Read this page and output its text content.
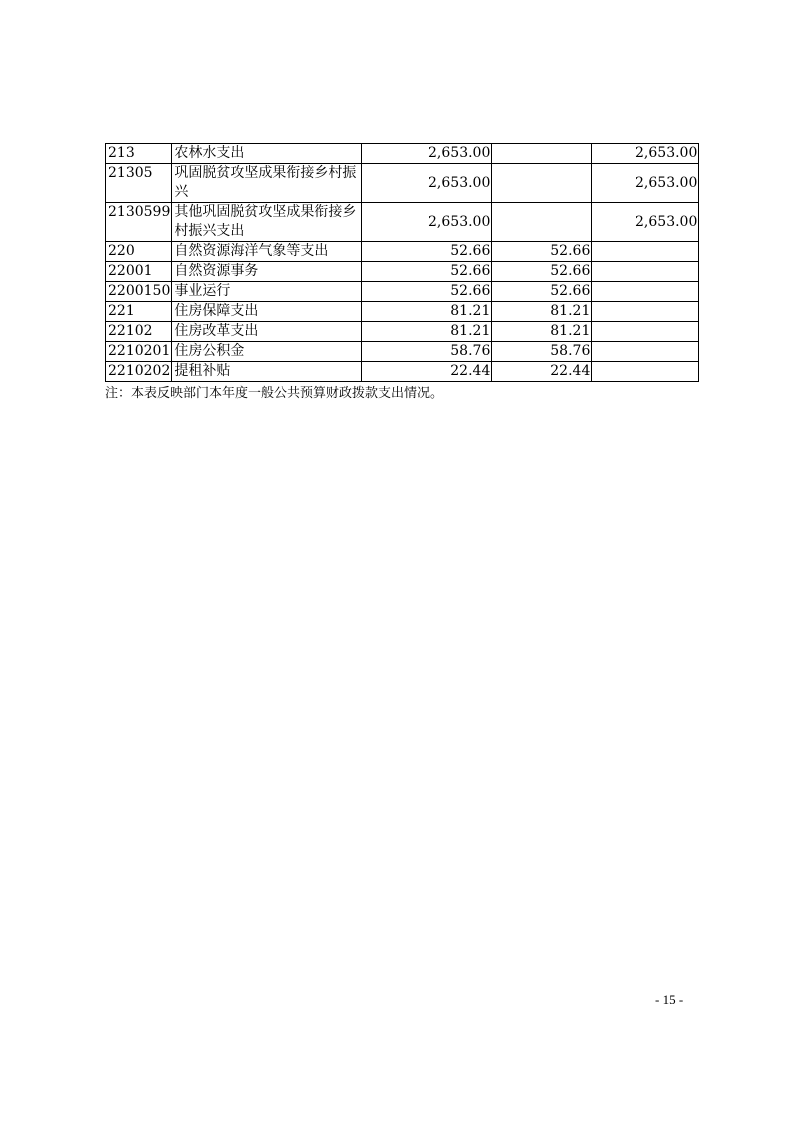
213	农林水支出	2,653.00		2,653.00
21305	巩固脱贫攻坚成果衔接乡村振兴	2,653.00		2,653.00
2130599	其他巩固脱贫攻坚成果衔接乡村振兴支出	2,653.00		2,653.00
220	自然资源海洋气象等支出	52.66	52.66	
22001	自然资源事务	52.66	52.66	
2200150	事业运行	52.66	52.66	
221	住房保障支出	81.21	81.21	
22102	住房改革支出	81.21	81.21	
2210201	住房公积金	58.76	58.76	
2210202	提租补贴	22.44	22.44	
注：本表反映部门本年度一般公共预算财政拨款支出情况。
- 15 -
